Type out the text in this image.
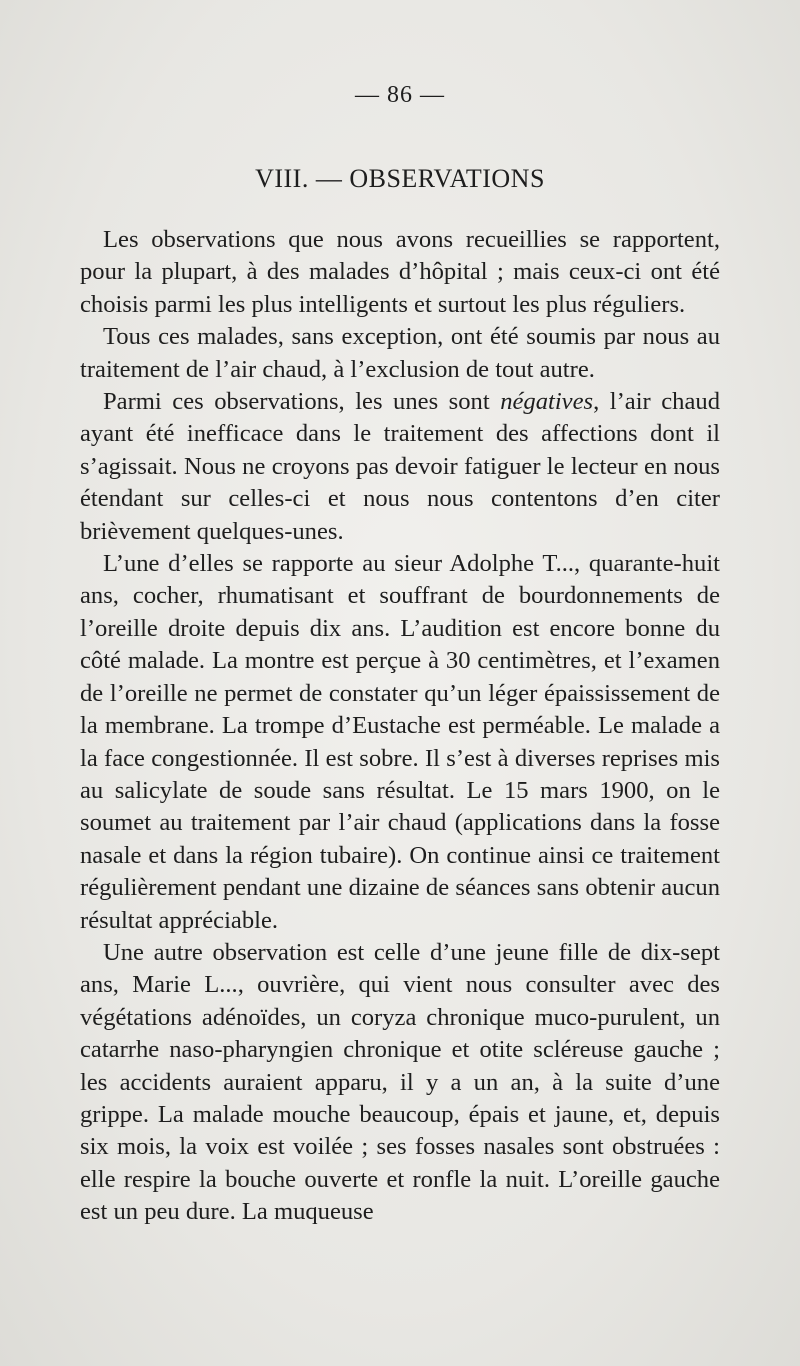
— 86 —
VIII. — OBSERVATIONS

Les observations que nous avons recueillies se rapportent, pour la plupart, à des malades d’hôpital ; mais ceux-ci ont été choisis parmi les plus intelligents et surtout les plus réguliers.

Tous ces malades, sans exception, ont été soumis par nous au traitement de l’air chaud, à l’exclusion de tout autre.

Parmi ces observations, les unes sont négatives, l’air chaud ayant été inefficace dans le traitement des affections dont il s’agissait. Nous ne croyons pas devoir fatiguer le lecteur en nous étendant sur celles-ci et nous nous contentons d’en citer brièvement quelques-unes.

L’une d’elles se rapporte au sieur Adolphe T..., quarante-huit ans, cocher, rhumatisant et souffrant de bourdonnements de l’oreille droite depuis dix ans. L’audition est encore bonne du côté malade. La montre est perçue à 30 centimètres, et l’examen de l’oreille ne permet de constater qu’un léger épaississement de la membrane. La trompe d’Eustache est perméable. Le malade a la face congestionnée. Il est sobre. Il s’est à diverses reprises mis au salicylate de soude sans résultat. Le 15 mars 1900, on le soumet au traitement par l’air chaud (applications dans la fosse nasale et dans la région tubaire). On continue ainsi ce traitement régulièrement pendant une dizaine de séances sans obtenir aucun résultat appréciable.

Une autre observation est celle d’une jeune fille de dix-sept ans, Marie L..., ouvrière, qui vient nous consulter avec des végétations adénoïdes, un coryza chronique muco-purulent, un catarrhe naso-pharyngien chronique et otite scléreuse gauche ; les accidents auraient apparu, il y a un an, à la suite d’une grippe. La malade mouche beaucoup, épais et jaune, et, depuis six mois, la voix est voilée ; ses fosses nasales sont obstruées : elle respire la bouche ouverte et ronfle la nuit. L’oreille gauche est un peu dure. La muqueuse
